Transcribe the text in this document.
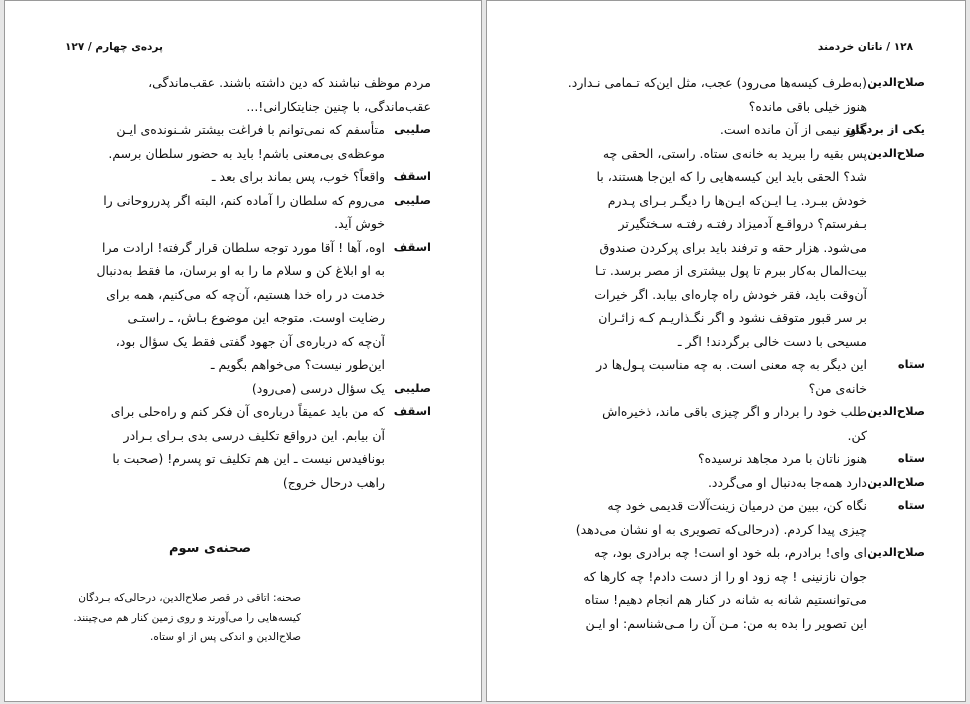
پرده‌ی چهارم / ۱۲۷
مردم موظف نباشند که دین داشته باشند. عقب‌ماندگی،
عقب‌ماندگی، با چنین جنایتکارانی!...
صلیبی
متأسفم که نمی‌توانم با فراغت بیشتر شـنونده‌ی ایـن
موعظه‌ی بی‌معنی باشم! باید به حضور سلطان برسم.
اسقف
واقعاً؟ خوب، پس بماند برای بعد ـ
صلیبی
می‌روم که سلطان را آماده کنم، البته اگر پدرروحانی را
خوش آید.
اسقف
اوه، آها ! آقا مورد توجه سلطان قرار گرفته! ارادت مرا
به او ابلاغ کن و سلام ما را به او برسان، ما فقط به‌دنبال
خدمت در راه خدا هستیم، آن‌چه که می‌کنیم، همه برای
رضایت اوست. متوجه این موضوع بـاش، ـ راستـی
آن‌چه که درباره‌ی آن جهود گفتی فقط یک سؤال بود،
این‌طور نیست؟ می‌خواهم بگویم ـ
صلیبی
یک سؤال درسی (می‌رود)
اسقف
که من باید عمیقاً درباره‌ی آن فکر کنم و راه‌حلی برای
آن بیابم. این درواقع تکلیف درسی بدی بـرای بـرادر
بونافیدس نیست ـ این هم تکلیف تو پسرم! (صحبت با
راهب درحال خروج)
صحنه‌ی سوم
صحنه: اتاقی در قصر صلاح‌الدین، درحالی‌که بـردگان
کیسه‌هایی را می‌آورند و روی زمین کنار هم می‌چینند.
صلاح‌الدین و اندکی پس از او ستاه.
۱۲۸ / ناتان خردمند
صلاح‌الدین
(به‌طرف کیسه‌ها می‌رود) عجب، مثل این‌که تـمامی نـدارد.
هنوز خیلی باقی مانده؟
یکی از بردگان
هنوز نیمی از آن مانده است.
صلاح‌الدین
پس بقیه را ببرید به خانه‌ی ستاه. راستی، الحقی چه
شد؟ الحقی باید این کیسه‌هایی را که این‌جا هستند، با
خودش ببـرد. یـا ایـن‌که ایـن‌ها را دیگـر بـرای پـدرم
بـفرستم؟ درواقـع آدمیزاد رفتـه رفتـه سـختگیرتر
می‌شود. هزار حقه و ترفند باید برای پرکردن صندوق
بیت‌المال به‌کار ببرم تا پول بیشتری از مصر برسد. تـا
آن‌وقت باید، فقر خودش راه چاره‌ای بیابد. اگر خیرات
بر سر قبور متوقف نشود و اگر نگـذاریـم کـه زائـران
مسیحی با دست خالی برگردند! اگر ـ
ستاه
این دیگر به چه معنی است. به چه مناسبت پـول‌ها در
خانه‌ی من؟
صلاح‌الدین
طلب خود را بردار و اگر چیزی باقی ماند، ذخیره‌اش
کن.
ستاه
هنوز ناتان با مرد مجاهد نرسیده؟
صلاح‌الدین
دارد همه‌جا به‌دنبال او می‌گردد.
ستاه
نگاه کن، ببین من درمیان زینت‌آلات قدیمی خود چه
چیزی پیدا کردم. (درحالی‌که تصویری به او نشان می‌دهد)
صلاح‌الدین
ای وای! برادرم، بله خود او است! چه برادری بود، چه
جوان نازنینی ! چه زود او را از دست دادم! چه کارها که
می‌توانستیم شانه به شانه در کنار هم انجام دهیم! ستاه
این تصویر را بده به من: مـن آن را مـی‌شناسم: او ایـن
